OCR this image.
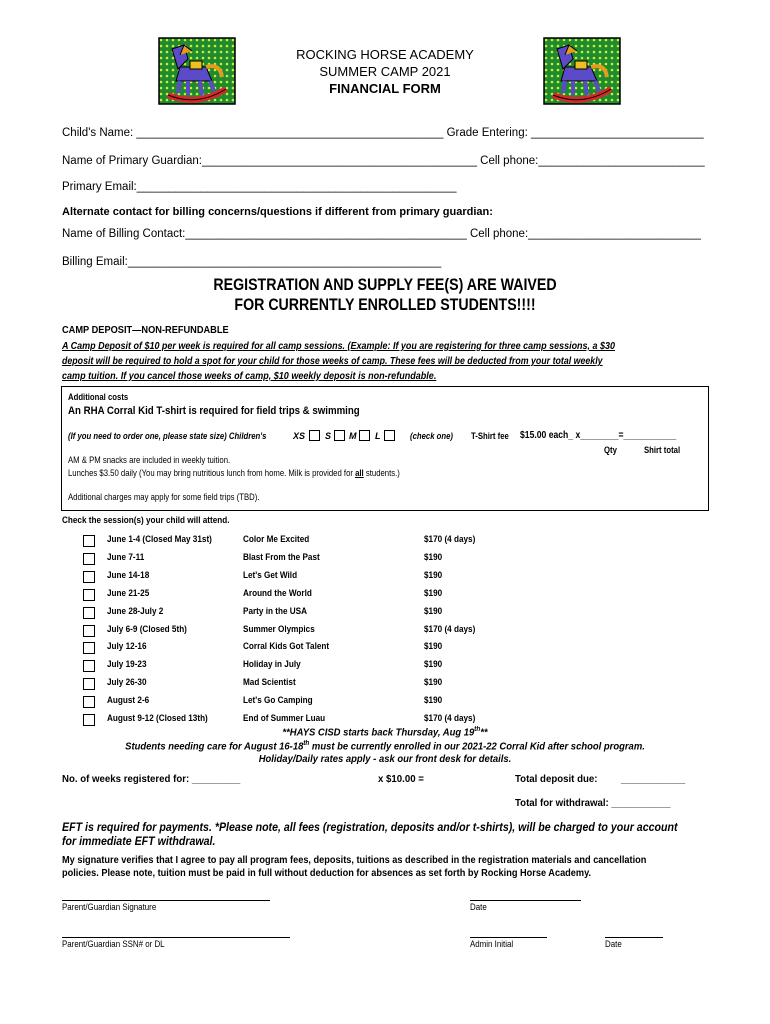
ROCKING HORSE ACADEMY
SUMMER CAMP 2021
FINANCIAL FORM
Child's Name: ________________________________________________ Grade Entering: ___________________________
Name of Primary Guardian:___________________________________________ Cell phone:__________________________
Primary Email:__________________________________________________
Alternate contact for billing concerns/questions if different from primary guardian:
Name of Billing Contact:____________________________________________ Cell phone:___________________________
Billing Email:_________________________________________________
REGISTRATION AND SUPPLY FEE(S) ARE WAIVED
FOR CURRENTLY ENROLLED STUDENTS!!!!
CAMP DEPOSIT—NON-REFUNDABLE
A Camp Deposit of $10 per week is required for all camp sessions. (Example: If you are registering for three camp sessions, a $30
deposit will be required to hold a spot for your child for those weeks of camp. These fees will be deducted from your total weekly
camp tuition. If you cancel those weeks of camp, $10 weekly deposit is non-refundable.
Additional costs
An RHA Corral Kid T-shirt is required for field trips & swimming
(If you need to order one, please state size) Children's	XS S M L	(check one) T-Shirt fee $15.00 each_ x________=___________
Qty	Shirt total
AM & PM snacks are included in weekly tuition.
Lunches $3.50 daily (You may bring nutritious lunch from home. Milk is provided for all students.)
Additional charges may apply for some field trips (TBD).
Check the session(s) your child will attend.
June 1-4 (Closed May 31st)	Color Me Excited	$170 (4 days)
June 7-11	Blast From the Past	$190
June 14-18	Let's Get Wild	$190
June 21-25	Around the World	$190
June 28-July 2	Party in the USA	$190
July 6-9 (Closed 5th)	Summer Olympics	$170 (4 days)
July 12-16	Corral Kids Got Talent	$190
July 19-23	Holiday in July	$190
July 26-30	Mad Scientist	$190
August 2-6	Let's Go Camping	$190
August 9-12 (Closed 13th)	End of Summer Luau	$170 (4 days)
**HAYS CISD starts back Thursday, Aug 19th**
Students needing care for August 16-18th must be currently enrolled in our 2021-22 Corral Kid after school program.
Holiday/Daily rates apply - ask our front desk for details.
No. of weeks registered for: _________	x $10.00 =	Total deposit due: ___________
Total for withdrawal: ___________
EFT is required for payments. *Please note, all fees (registration, deposits and/or t-shirts), will be charged to your account
for immediate EFT withdrawal.
My signature verifies that I agree to pay all program fees, deposits, tuitions as described in the registration materials and cancellation
policies. Please note, tuition must be paid in full without deduction for absences as set forth by Rocking Horse Academy.
Parent/Guardian Signature	Date
Parent/Guardian SSN# or DL	Admin Initial	Date
